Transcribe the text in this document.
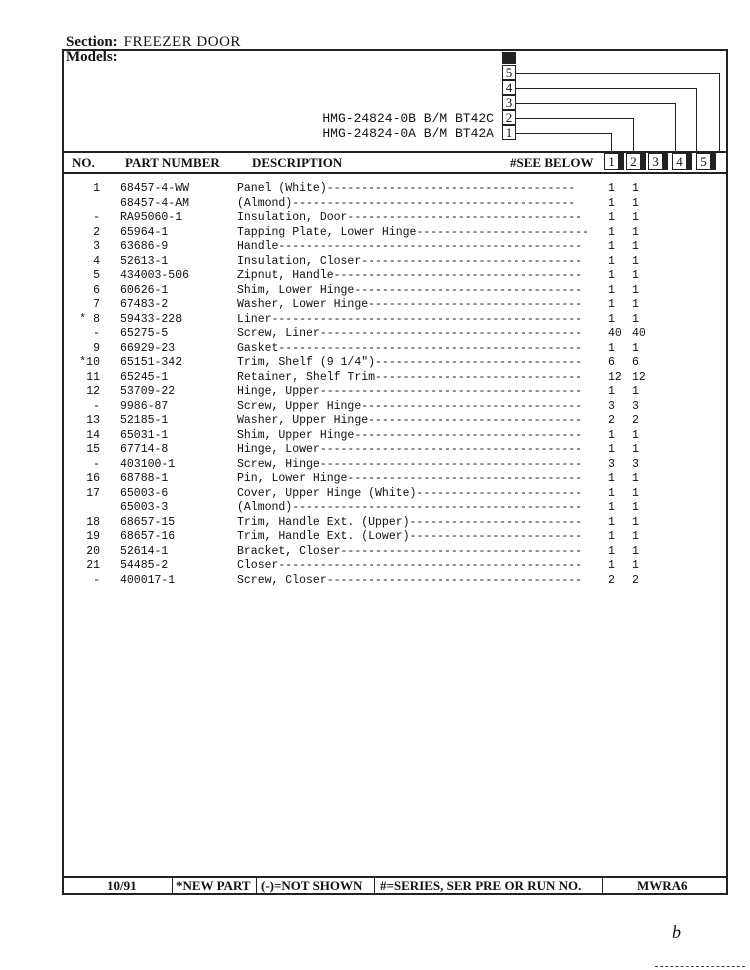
Section: FREEZER DOOR
Models:
HMG-24824-0B B/M BT42C
HMG-24824-0A B/M BT42A
5
4
3
2
1
NO. PART NUMBER DESCRIPTION	#SEE BELOW	1	2	3	4	5
1 68457-4-WW	Panel (White)------------------------------------	1 1
68457-4-AM	(Almond)-----------------------------------------	1 1
- RA95060-1	Insulation, Door---------------------------------- 1 1
2 65964-1	Tapping Plate, Lower Hinge------------------------- 1 1
3 63686-9	Handle-------------------------------------------- 1 1
4 52613-1	Insulation, Closer-------------------------------- 1 1
5 434003-506	Zipnut, Handle------------------------------------ 1 1
6 60626-1	Shim, Lower Hinge--------------------------------- 1 1
7 67483-2	Washer, Lower Hinge------------------------------- 1 1
* 8 59433-228	Liner--------------------------------------------- 1 1
- 65275-5	Screw, Liner-------------------------------------- 40 40
9 66929-23	Gasket-------------------------------------------- 1 1
*10 65151-342	Trim, Shelf (9 1/4")------------------------------ 6 6
11 65245-1	Retainer, Shelf Trim------------------------------ 12 12
12 53709-22	Hinge, Upper-------------------------------------- 1 1
- 9986-87	Screw, Upper Hinge-------------------------------- 3 3
13 52185-1	Washer, Upper Hinge------------------------------- 2 2
14 65031-1	Shim, Upper Hinge--------------------------------- 1 1
15 67714-8	Hinge, Lower-------------------------------------- 1 1
- 403100-1	Screw, Hinge-------------------------------------- 3 3
16 68788-1	Pin, Lower Hinge---------------------------------- 1 1
17 65003-6	Cover, Upper Hinge (White)------------------------ 1 1
65003-3	(Almond)------------------------------------------ 1 1
18 68657-15	Trim, Handle Ext. (Upper)------------------------- 1 1
19 68657-16	Trim, Handle Ext. (Lower)------------------------- 1 1
20 52614-1	Bracket, Closer----------------------------------- 1 1
21 54485-2	Closer-------------------------------------------- 1 1
- 400017-1	Screw, Closer------------------------------------- 2 2
10/91	*NEW PART (-)=NOT SHOWN #=SERIES, SER PRE OR RUN NO.	MWRA6
b
